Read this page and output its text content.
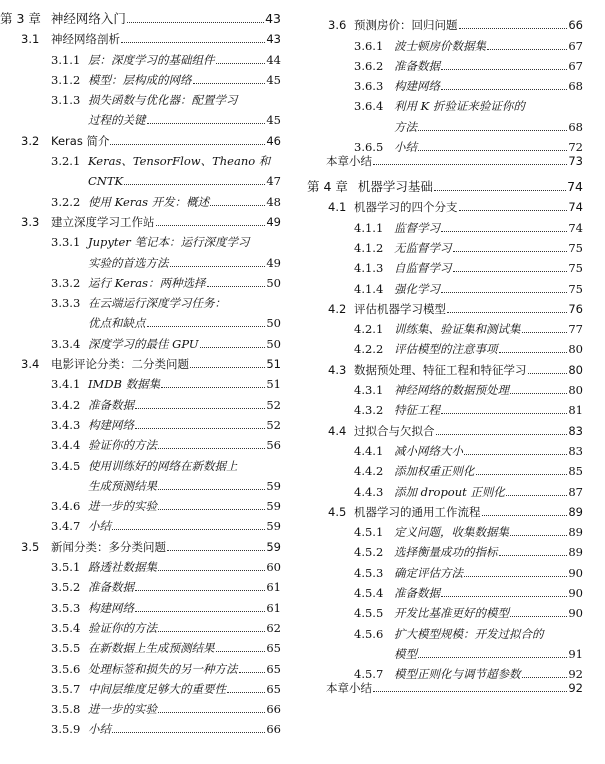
第 3 章 神经网络入门	43
3.1	神经网络剖析	43
3.1.1 层：深度学习的基础组件	44
3.1.2 模型：层构成的网络	45
3.1.3 损失函数与优化器：配置学习
过程的关键	45
3.2	Keras 简介	46
3.2.1 Keras、TensorFlow、Theano 和
CNTK	47
3.2.2 使用 Keras 开发：概述	48
3.3	建立深度学习工作站	49
3.3.1 Jupyter 笔记本：运行深度学习
实验的首选方法	49
3.3.2 运行 Keras：两种选择	50
3.3.3 在云端运行深度学习任务：
优点和缺点	50
3.3.4 深度学习的最佳 GPU	50
3.4	电影评论分类：二分类问题	51
3.4.1 IMDB 数据集	51
3.4.2 准备数据	52
3.4.3 构建网络	52
3.4.4 验证你的方法	56
3.4.5 使用训练好的网络在新数据上
生成预测结果	59
3.4.6 进一步的实验	59
3.4.7 小结	59
3.5	新闻分类：多分类问题	59
3.5.1 路透社数据集	60
3.5.2 准备数据	61
3.5.3 构建网络	61
3.5.4 验证你的方法	62
3.5.5 在新数据上生成预测结果	65
3.5.6 处理标签和损失的另一种方法	65
3.5.7 中间层维度足够大的重要性	65
3.5.8 进一步的实验	66
3.5.9 小结	66
3.6 预测房价：回归问题	66
3.6.1 波士顿房价数据集	67
3.6.2 准备数据	67
3.6.3 构建网络	68
3.6.4 利用 K 折验证来验证你的
方法	68
3.6.5 小结	72
本章小结	73
第 4 章 机器学习基础	74
4.1 机器学习的四个分支	74
4.1.1 监督学习	74
4.1.2 无监督学习	75
4.1.3 自监督学习	75
4.1.4 强化学习	75
4.2 评估机器学习模型	76
4.2.1 训练集、验证集和测试集	77
4.2.2 评估模型的注意事项	80
4.3 数据预处理、特征工程和特征学习	80
4.3.1 神经网络的数据预处理	80
4.3.2 特征工程	81
4.4 过拟合与欠拟合	83
4.4.1 减小网络大小	83
4.4.2 添加权重正则化	85
4.4.3 添加 dropout 正则化	87
4.5 机器学习的通用工作流程	89
4.5.1 定义问题，收集数据集	89
4.5.2 选择衡量成功的指标	89
4.5.3 确定评估方法	90
4.5.4 准备数据	90
4.5.5 开发比基准更好的模型	90
4.5.6 扩大模型规模：开发过拟合的
模型	91
4.5.7 模型正则化与调节超参数	92
本章小结	92
